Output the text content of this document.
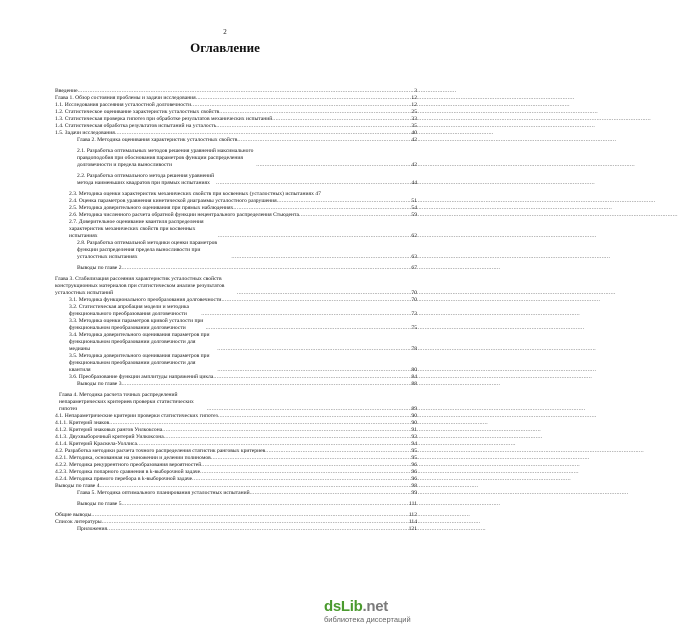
2
Оглавление
Введение .....	3
Глава 1. Обзор состояния проблемы и задачи исследования .....	12
1.1. Исследования рассеяния усталостной долговечности .....	12
1.2. Статистическое оценивание характеристик усталостных свойств .....	25
1.3. Статистическая проверка гипотез при обработке результатов механических испытаний .....	33
1.4. Статистическая обработка результатов испытаний на усталость .....	35
1.5. Задачи исследования .....	40
Глава 2. Методика оценивания характеристик усталостных свойств .....	42
2.1. Разработка оптимальных методов решения уравнений максимального правдоподобия при обоснования параметров функции распределения долговечности и предела выносливости .....	42
2.2. Разработка оптимального метода решения уравнений метода наименьших квадратов при прямых испытаниях .....	44
2.3. Методика оценки характеристик механических свойств при косвенных (усталостных) испытаниях 47
2.4. Оценка параметров уравнения кинетической диаграммы усталостного разрушения .....	51
2.5. Методика доверительного оценивания при прямых наблюдениях .....	54
2.6. Методика численного расчета обратной функции нецентрального распределения Стьюдента .....	59
2.7. Доверительное оценивание квантиля распределения характеристик механических свойств при косвенных испытаниях .....	62
2.8. Разработка оптимальной методики оценки параметров функции распределения предела выносливости при усталостных испытаниях .....	63
Выводы по главе 2 .....	67
Глава 3. Стабилизация рассеяния характеристик усталостных свойств конструкционных материалов при статистическом анализе результатов усталостных испытаний .....	70
3.1. Методика функционального преобразования долговечности .....	70
3.2. Статистическая апробация модели и методика функционального преобразования долговечности .....	73
3.3. Методика оценки параметров кривой усталости при функциональном преобразовании долговечности .....	75
3.4. Методика доверительного оценивания параметров при функциональном преобразовании долговечности для медианы .....	78
3.5. Методика доверительного оценивания параметров при функциональном преобразовании долговечности для квантиля .....	80
3.6. Преобразование функции амплитуды напряжений цикла .....	84
Выводы по главе 3 .....	88
Глава 4. Методика расчета точных распределений непараметрических критериев проверки статистических гипотез .....	89
4.1. Непараметрические критерии проверки статистических гипотез .....	90
4.1.1. Критерий знаков .....	90
4.1.2. Критерий знаковых рангов Уилкоксона .....	91
4.1.3. Двухвыборочный критерий Уилкоксона .....	93
4.1.4. Критерий Краскела-Уоллиса .....	94
4.2. Разработка методики расчета точного распределения статистик ранговых критериев .....	95
4.2.1. Методика, основанная на умножении и делении полиномов .....	95
4.2.2. Методика рекуррентного преобразования вероятностей .....	96
4.2.3. Методика попарного сравнения в k-выборочной задаче .....	96
4.2.4. Методика прямого перебора в k-выборочной задаче .....	96
Выводы по главе 4 .....	98
Глава 5. Методика оптимального планирования усталостных испытаний .....	99
Выводы по главе 5 .....	111
Общие выводы .....	112
Список литературы .....	114
Приложения .....	121
dsLib.net
библиотека диссертаций
